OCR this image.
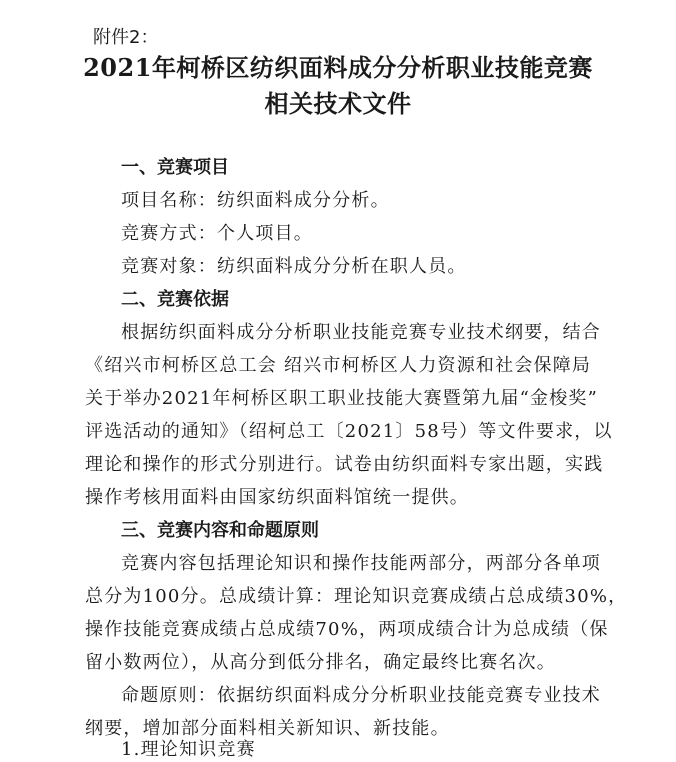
附件2：
2021年柯桥区纺织面料成分分析职业技能竞赛
相关技术文件
一、竞赛项目
项目名称：纺织面料成分分析。
竞赛方式：个人项目。
竞赛对象：纺织面料成分分析在职人员。
二、竞赛依据
根据纺织面料成分分析职业技能竞赛专业技术纲要，结合
《绍兴市柯桥区总工会 绍兴市柯桥区人力资源和社会保障局
关于举办2021年柯桥区职工职业技能大赛暨第九届“金梭奖”
评选活动的通知》（绍柯总工〔2021〕58号）等文件要求，以
理论和操作的形式分别进行。试卷由纺织面料专家出题，实践
操作考核用面料由国家纺织面料馆统一提供。
三、竞赛内容和命题原则
竞赛内容包括理论知识和操作技能两部分，两部分各单项
总分为100分。总成绩计算：理论知识竞赛成绩占总成绩30%，
操作技能竞赛成绩占总成绩70%，两项成绩合计为总成绩（保
留小数两位），从高分到低分排名，确定最终比赛名次。
命题原则：依据纺织面料成分分析职业技能竞赛专业技术
纲要，增加部分面料相关新知识、新技能。
1.理论知识竞赛
